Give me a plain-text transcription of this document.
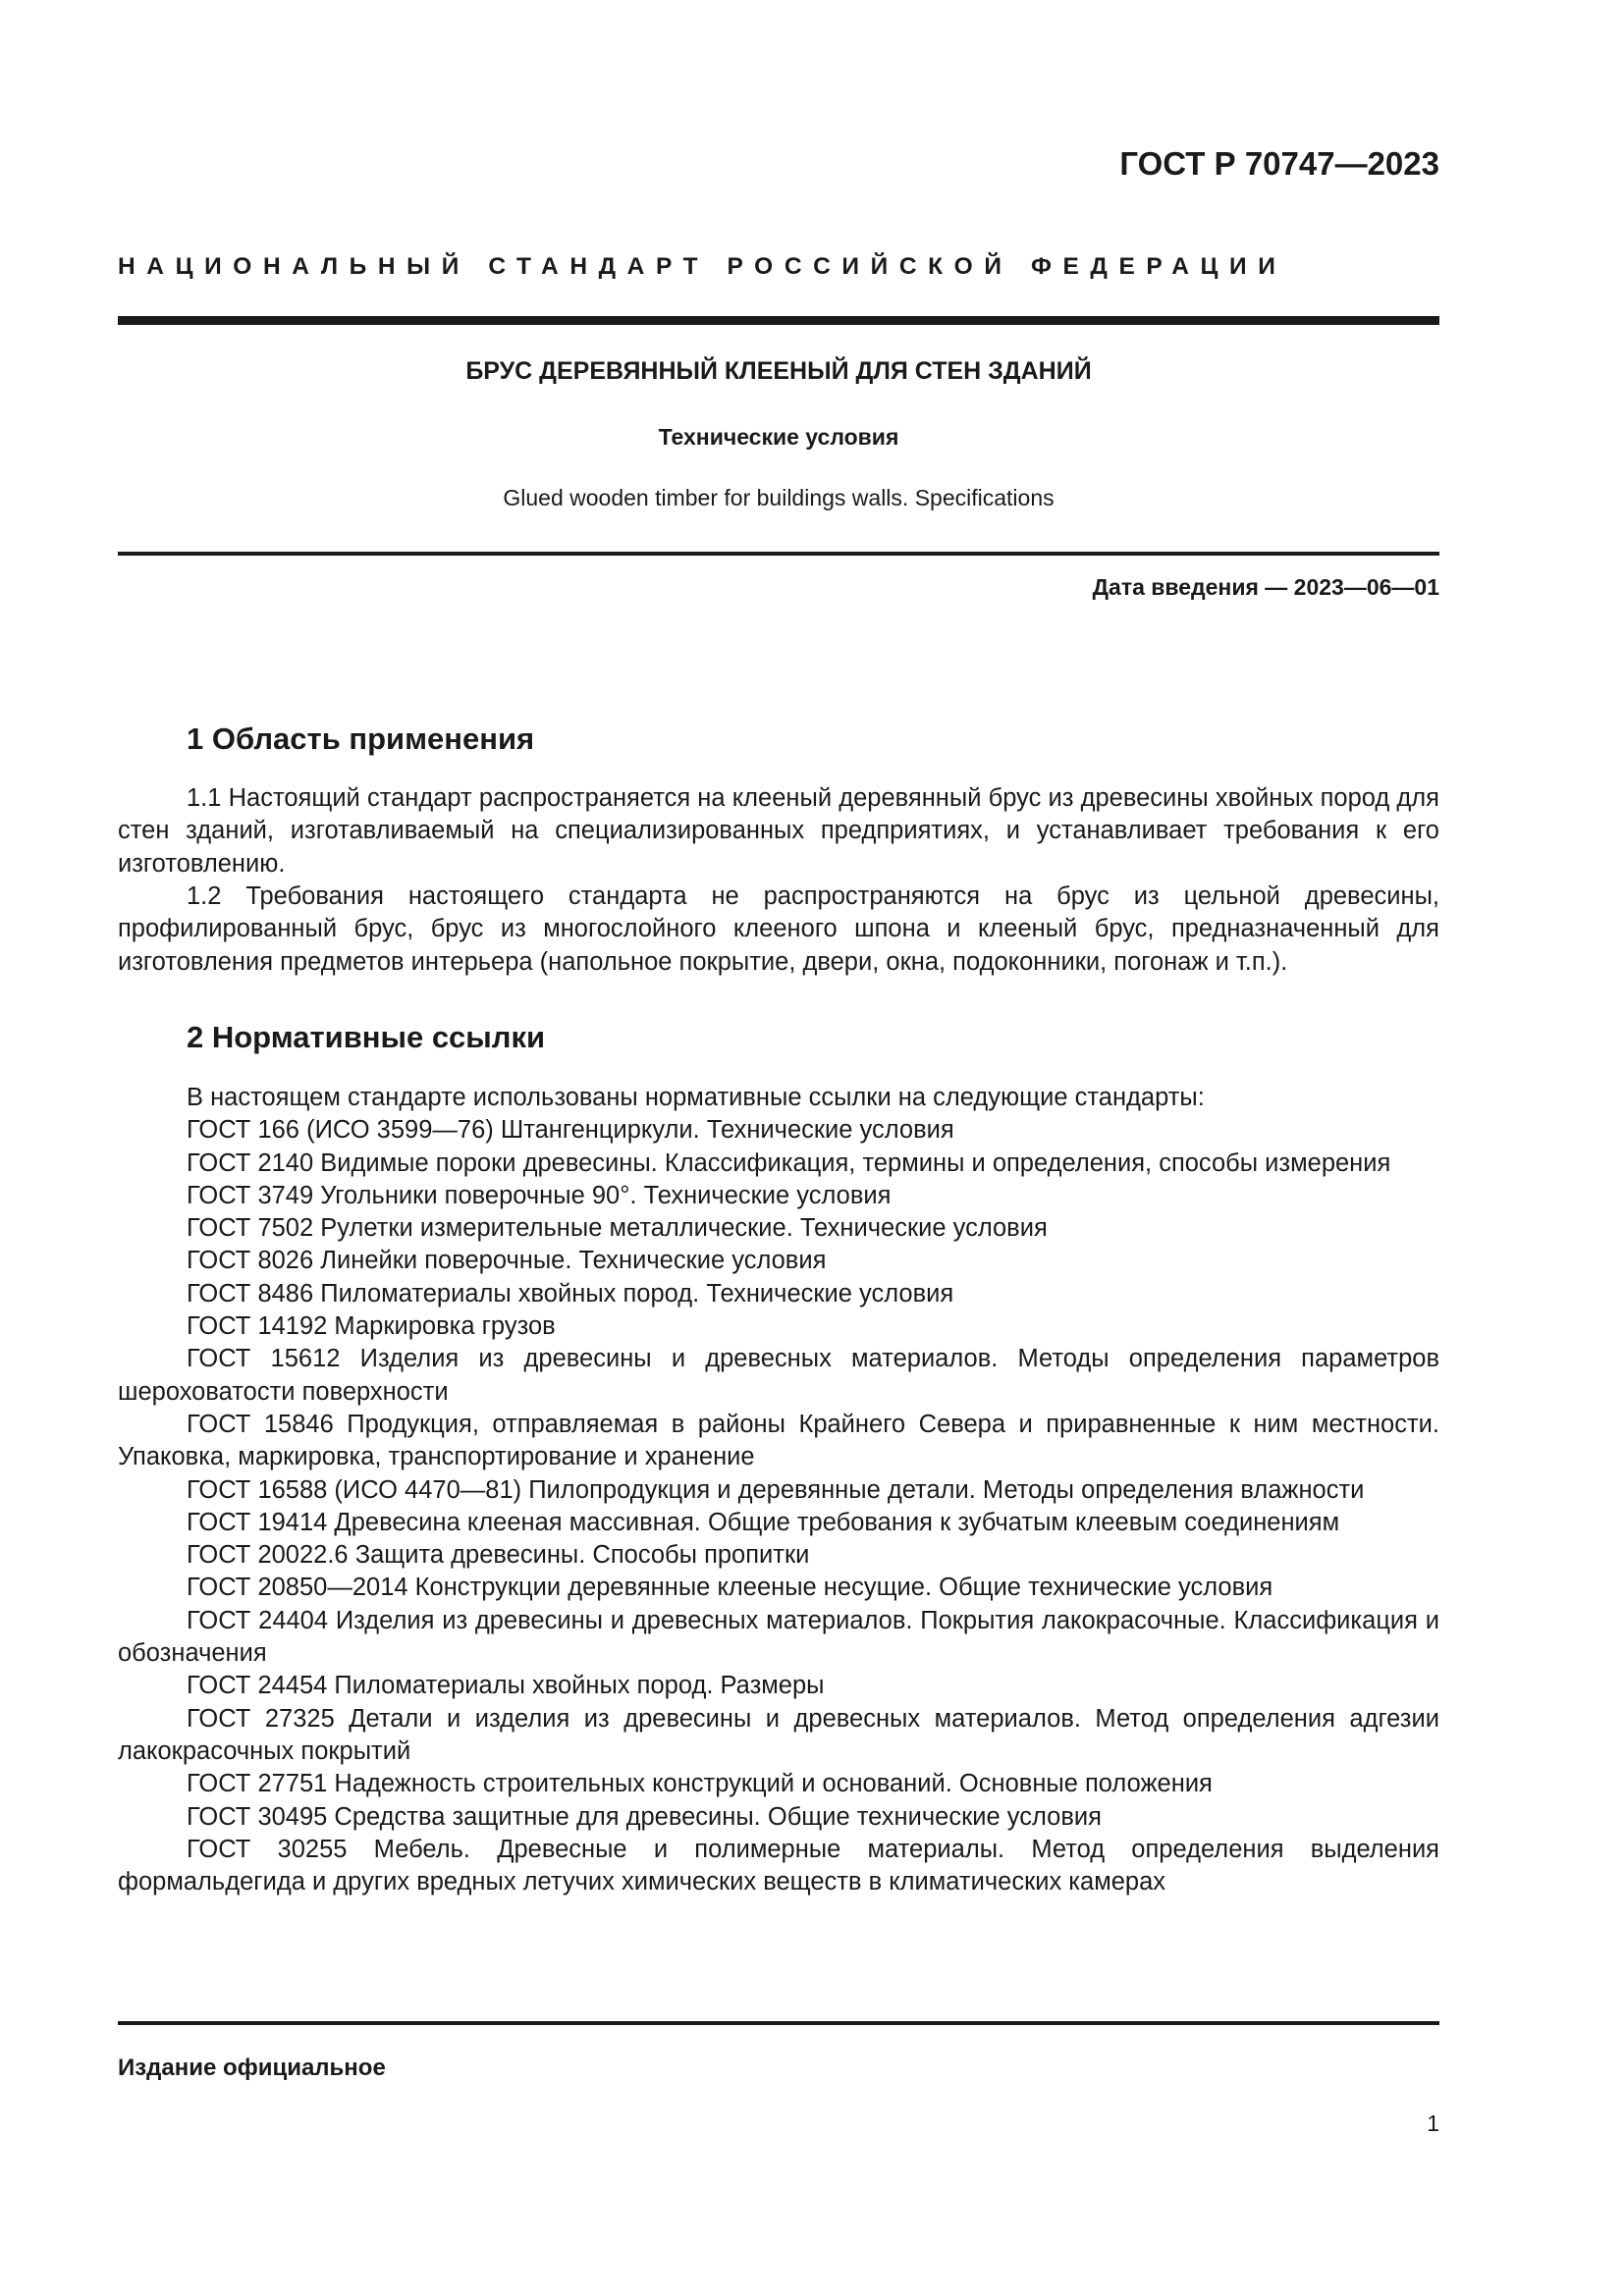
ГОСТ Р 70747—2023
НАЦИОНАЛЬНЫЙ СТАНДАРТ РОССИЙСКОЙ ФЕДЕРАЦИИ
БРУС ДЕРЕВЯННЫЙ КЛЕЕНЫЙ ДЛЯ СТЕН ЗДАНИЙ
Технические условия
Glued wooden timber for buildings walls. Specifications
Дата введения — 2023—06—01
1 Область применения

1.1 Настоящий стандарт распространяется на клееный деревянный брус из древесины хвойных пород для стен зданий, изготавливаемый на специализированных предприятиях, и устанавливает требования к его изготовлению.

1.2 Требования настоящего стандарта не распространяются на брус из цельной древесины, профилированный брус, брус из многослойного клееного шпона и клееный брус, предназначенный для изготовления предметов интерьера (напольное покрытие, двери, окна, подоконники, погонаж и т.п.).

2 Нормативные ссылки
В настоящем стандарте использованы нормативные ссылки на следующие стандарты:
ГОСТ 166 (ИСО 3599—76) Штангенциркули. Технические условия
ГОСТ 2140 Видимые пороки древесины. Классификация, термины и определения, способы измерения
ГОСТ 3749 Угольники поверочные 90°. Технические условия
ГОСТ 7502 Рулетки измерительные металлические. Технические условия
ГОСТ 8026 Линейки поверочные. Технические условия
ГОСТ 8486 Пиломатериалы хвойных пород. Технические условия
ГОСТ 14192 Маркировка грузов
ГОСТ 15612 Изделия из древесины и древесных материалов. Методы определения параметров шероховатости поверхности
ГОСТ 15846 Продукция, отправляемая в районы Крайнего Севера и приравненные к ним местности. Упаковка, маркировка, транспортирование и хранение
ГОСТ 16588 (ИСО 4470—81) Пилопродукция и деревянные детали. Методы определения влажности
ГОСТ 19414 Древесина клееная массивная. Общие требования к зубчатым клеевым соединениям
ГОСТ 20022.6 Защита древесины. Способы пропитки
ГОСТ 20850—2014 Конструкции деревянные клееные несущие. Общие технические условия
ГОСТ 24404 Изделия из древесины и древесных материалов. Покрытия лакокрасочные. Классификация и обозначения
ГОСТ 24454 Пиломатериалы хвойных пород. Размеры
ГОСТ 27325 Детали и изделия из древесины и древесных материалов. Метод определения адгезии лакокрасочных покрытий
ГОСТ 27751 Надежность строительных конструкций и оснований. Основные положения
ГОСТ 30495 Средства защитные для древесины. Общие технические условия
ГОСТ 30255 Мебель. Древесные и полимерные материалы. Метод определения выделения формальдегида и других вредных летучих химических веществ в климатических камерах
Издание официальное
1
